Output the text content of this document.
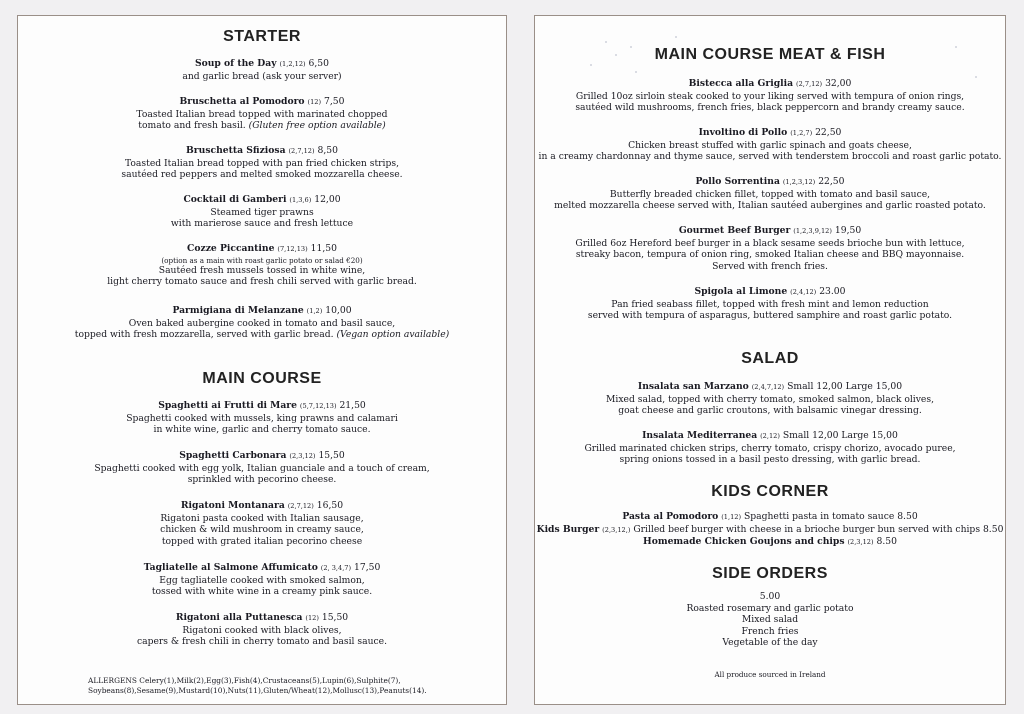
STARTER

Soup of the Day (1,2,12) 6,50

and garlic bread (ask your server)

Bruschetta al Pomodoro (12) 7,50

Toasted Italian bread topped with marinated chopped

tomato and fresh basil. (Gluten free option available)

Bruschetta Sfiziosa (2,7,12) 8,50

Toasted Italian bread topped with pan fried chicken strips,

sautéed red peppers and melted smoked mozzarella cheese.

Cocktail di Gamberi (1,3,6) 12,00

Steamed tiger prawns

with marierose sauce and fresh lettuce

Cozze Piccantine (7,12,13) 11,50

(option as a main with roast garlic potato or salad €20)

Sautéed fresh mussels tossed in white wine,

light cherry tomato sauce and fresh chili served with garlic bread.

Parmigiana di Melanzane (1,2) 10,00

Oven baked aubergine cooked in tomato and basil sauce,

topped with fresh mozzarella, served with garlic bread. (Vegan option available)

MAIN COURSE

Spaghetti ai Frutti di Mare (5,7,12,13) 21,50

Spaghetti cooked with mussels, king prawns and calamari

in white wine, garlic and cherry tomato sauce.

Spaghetti Carbonara (2,3,12) 15,50

Spaghetti cooked with egg yolk, Italian guanciale and a touch of cream,

sprinkled with pecorino cheese.

Rigatoni Montanara (2,7,12) 16,50

Rigatoni pasta cooked with Italian sausage,

chicken & wild mushroom in creamy sauce,

topped with grated italian pecorino cheese

Tagliatelle al Salmone Affumicato (2, 3,4,7) 17,50

Egg tagliatelle cooked with smoked salmon,

tossed with white wine in a creamy pink sauce.

Rigatoni alla Puttanesca (12) 15,50

Rigatoni cooked with black olives,

capers & fresh chili in cherry tomato and basil sauce.

ALLERGENS Celery(1),Milk(2),Egg(3),Fish(4),Crustaceans(5),Lupin(6),Sulphite(7),
Soybeans(8),Sesame(9),Mustard(10),Nuts(11),Gluten/Wheat(12),Mollusc(13),Peanuts(14).
MAIN COURSE MEAT & FISH

Bistecca alla Griglia (2,7,12) 32,00

Grilled 10oz sirloin steak cooked to your liking served with tempura of onion rings,

sautéed wild mushrooms, french fries, black peppercorn and brandy creamy sauce.

Involtino di Pollo (1,2,7) 22,50

Chicken breast stuffed with garlic spinach and goats cheese,

in a creamy chardonnay and thyme sauce, served with tenderstem broccoli and roast garlic potato.

Pollo Sorrentina (1,2,3,12) 22,50

Butterfly breaded chicken fillet, topped with tomato and basil sauce,

melted mozzarella cheese served with, Italian sautéed aubergines and garlic roasted potato.

Gourmet Beef Burger (1,2,3,9,12) 19,50

Grilled 6oz Hereford beef burger in a black sesame seeds brioche bun with lettuce,

streaky bacon, tempura of onion ring, smoked Italian cheese and BBQ mayonnaise.

Served with french fries.

Spigola al Limone (2,4,12) 23.00

Pan fried seabass fillet, topped with fresh mint and lemon reduction

served with tempura of asparagus, buttered samphire and roast garlic potato.

SALAD

Insalata san Marzano (2,4,7,12) Small 12,00 Large 15,00

Mixed salad, topped with cherry tomato, smoked salmon, black olives,

goat cheese and garlic croutons, with balsamic vinegar dressing.

Insalata Mediterranea (2,12) Small 12,00 Large 15,00

Grilled marinated chicken strips, cherry tomato, crispy chorizo, avocado puree,

spring onions tossed in a basil pesto dressing, with garlic bread.

KIDS CORNER

Pasta al Pomodoro (1,12) Spaghetti pasta in tomato sauce 8.50

Kids Burger (2,3,12,) Grilled beef burger with cheese in a brioche burger bun served with chips 8.50

Homemade Chicken Goujons and chips (2,3,12) 8.50

SIDE ORDERS

5.00

Roasted rosemary and garlic potato

Mixed salad

French fries

Vegetable of the day

All produce sourced in Ireland
